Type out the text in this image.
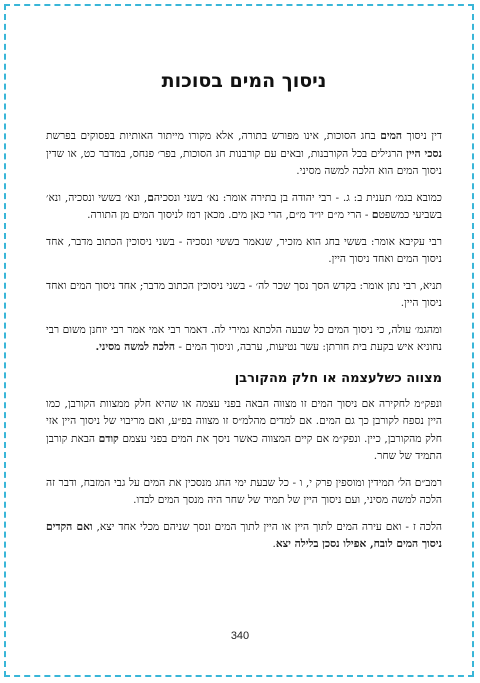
ניסוך המים בסוכות

דין ניסוך המים בחג הסוכות, אינו מפורש בתורה, אלא מקורו מייתור האותיות בפסוקים בפרשת נסכי היין הרגילים בכל הקורבנות, ובאים עם קורבנות חג הסוכות, בפר׳ פנחס, במדבר כט, או שדין ניסוך המים הוא הלכה למשה מסיני.

כמובא בגמ׳ תענית ב: ג. - רבי יהודה בן בתירה אומר: נא׳ בשני ונסכיהם, ונא׳ בששי ונסכיה, ונא׳ בשביעי כמשפטם - הרי מ״ם יו״ד מ״ם, הרי כאן מים. מכאן רמז לניסוך המים מן התורה.

רבי עקיבא אומר: בששי בחג הוא מזכיר, שנאמר בששי ונסכיה - בשני ניסוכין הכתוב מדבר, אחד ניסוך המים ואחד ניסוך היין.

תניא, רבי נתן אומר: בקדש הסך נסך שכר לה׳ - בשני ניסוכין הכתוב מדבר; אחד ניסוך המים ואחד ניסוך היין.

ומהגמ׳ עולה, כי ניסוך המים כל שבעה הלכתא גמירי לה. דאמר רבי אמי אמר רבי יוחנן משום רבי נחוניא איש בקעת בית חורתן: עשר נטיעות, ערבה, וניסוך המים - הלכה למשה מסיני.

מצווה כשלעצמה או חלק מהקורבן

ונפק״מ לחקירה אם ניסוך המים זו מצווה הבאה בפני עצמה או שהיא חלק ממצוות הקורבן, כמו היין נספח לקורבן כך גם המים. אם למדים מהלמ״ס זו מצווה בפ״ע, ואם מריבוי של ניסוך היין אזי חלק מהקורבן, כיין. ונפק״מ אם קיים המצווה כאשר ניסך את המים בפני עצמם קודם הבאת קורבן התמיד של שחר.

רמב״ם הל׳ תמידין ומוספין פרק י, ו - כל שבעת ימי החג מנסכין את המים על גבי המזבח, ודבר זה הלכה למשה מסיני, ועם ניסוך היין של תמיד של שחר היה מנסך המים לבדו.

הלכה ז - ואם עירה המים לתוך היין או היין לתוך המים ונסך שניהם מכלי אחד יצא, ואם הקדים ניסוך המים לובח, אפילו נסכן בלילה יצא.

340
